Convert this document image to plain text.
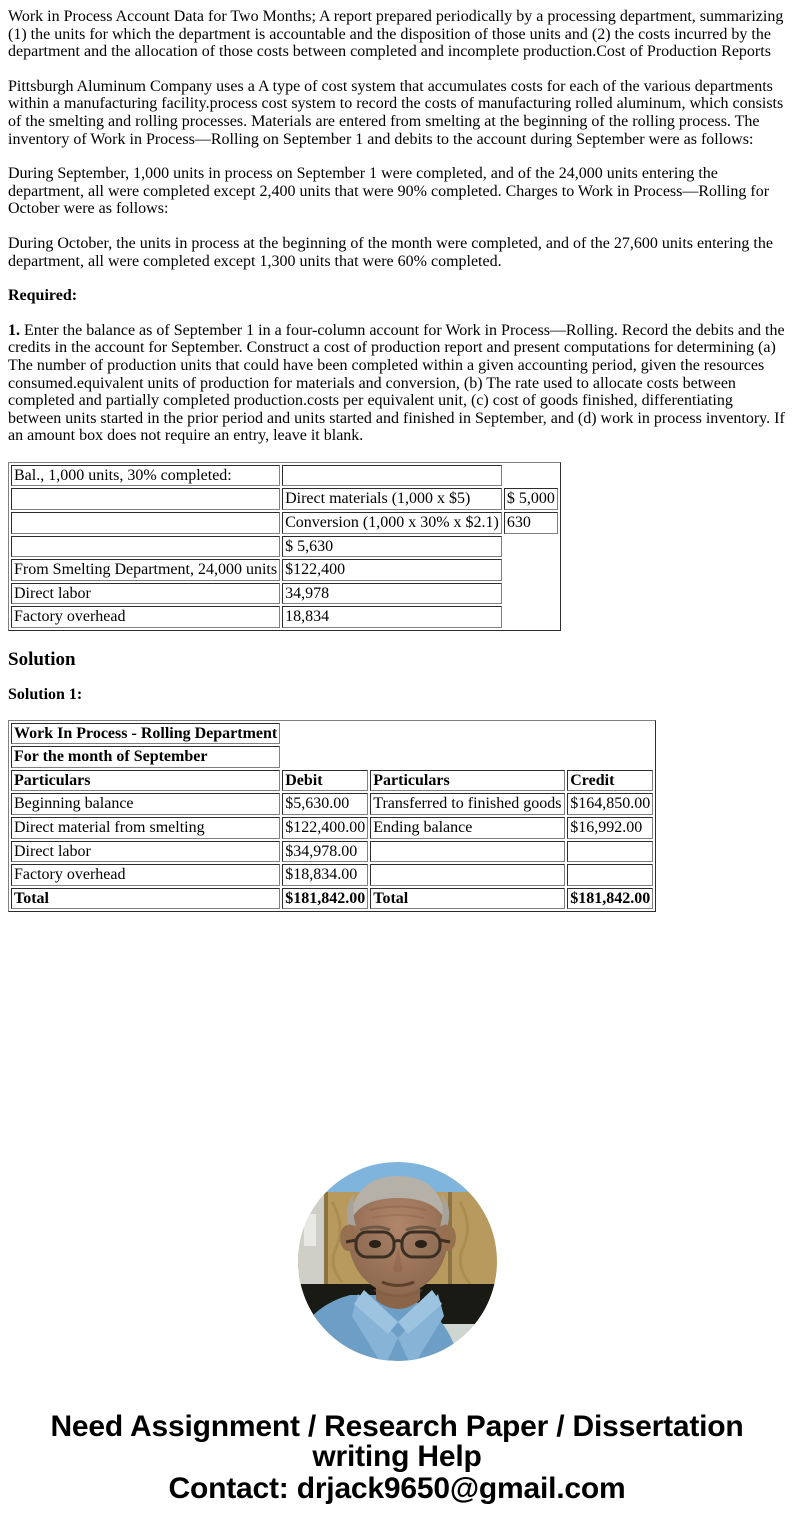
Work in Process Account Data for Two Months; A report prepared periodically by a processing department, summarizing (1) the units for which the department is accountable and the disposition of those units and (2) the costs incurred by the department and the allocation of those costs between completed and incomplete production.Cost of Production Reports

Pittsburgh Aluminum Company uses a A type of cost system that accumulates costs for each of the various departments within a manufacturing facility.process cost system to record the costs of manufacturing rolled aluminum, which consists of the smelting and rolling processes. Materials are entered from smelting at the beginning of the rolling process. The inventory of Work in Process—Rolling on September 1 and debits to the account during September were as follows:

During September, 1,000 units in process on September 1 were completed, and of the 24,000 units entering the department, all were completed except 2,400 units that were 90% completed. Charges to Work in Process—Rolling for October were as follows:

During October, the units in process at the beginning of the month were completed, and of the 27,600 units entering the department, all were completed except 1,300 units that were 60% completed.

Required:

1. Enter the balance as of September 1 in a four-column account for Work in Process—Rolling. Record the debits and the credits in the account for September. Construct a cost of production report and present computations for determining (a) The number of production units that could have been completed within a given accounting period, given the resources consumed.equivalent units of production for materials and conversion, (b) The rate used to allocate costs between completed and partially completed production.costs per equivalent unit, (c) cost of goods finished, differentiating between units started in the prior period and units started and finished in September, and (d) work in process inventory. If an amount box does not require an entry, leave it blank.

Bal., 1,000 units, 30% completed:		
	Direct materials (1,000 x $5)	$ 5,000
	Conversion (1,000 x 30% x $2.1)	630
	$ 5,630	
From Smelting Department, 24,000 units	$122,400	
Direct labor	34,978	
Factory overhead	18,834	
Solution

Solution 1:

Work In Process - Rolling Department			
For the month of September			
Particulars	Debit	Particulars	Credit
Beginning balance	$5,630.00	Transferred to finished goods	$164,850.00
Direct material from smelting	$122,400.00	Ending balance	$16,992.00
Direct labor	$34,978.00		
Factory overhead	$18,834.00		
Total	$181,842.00	Total	$181,842.00
Need Assignment / Research Paper / Dissertation
writing Help
Contact: drjack9650@gmail.com
